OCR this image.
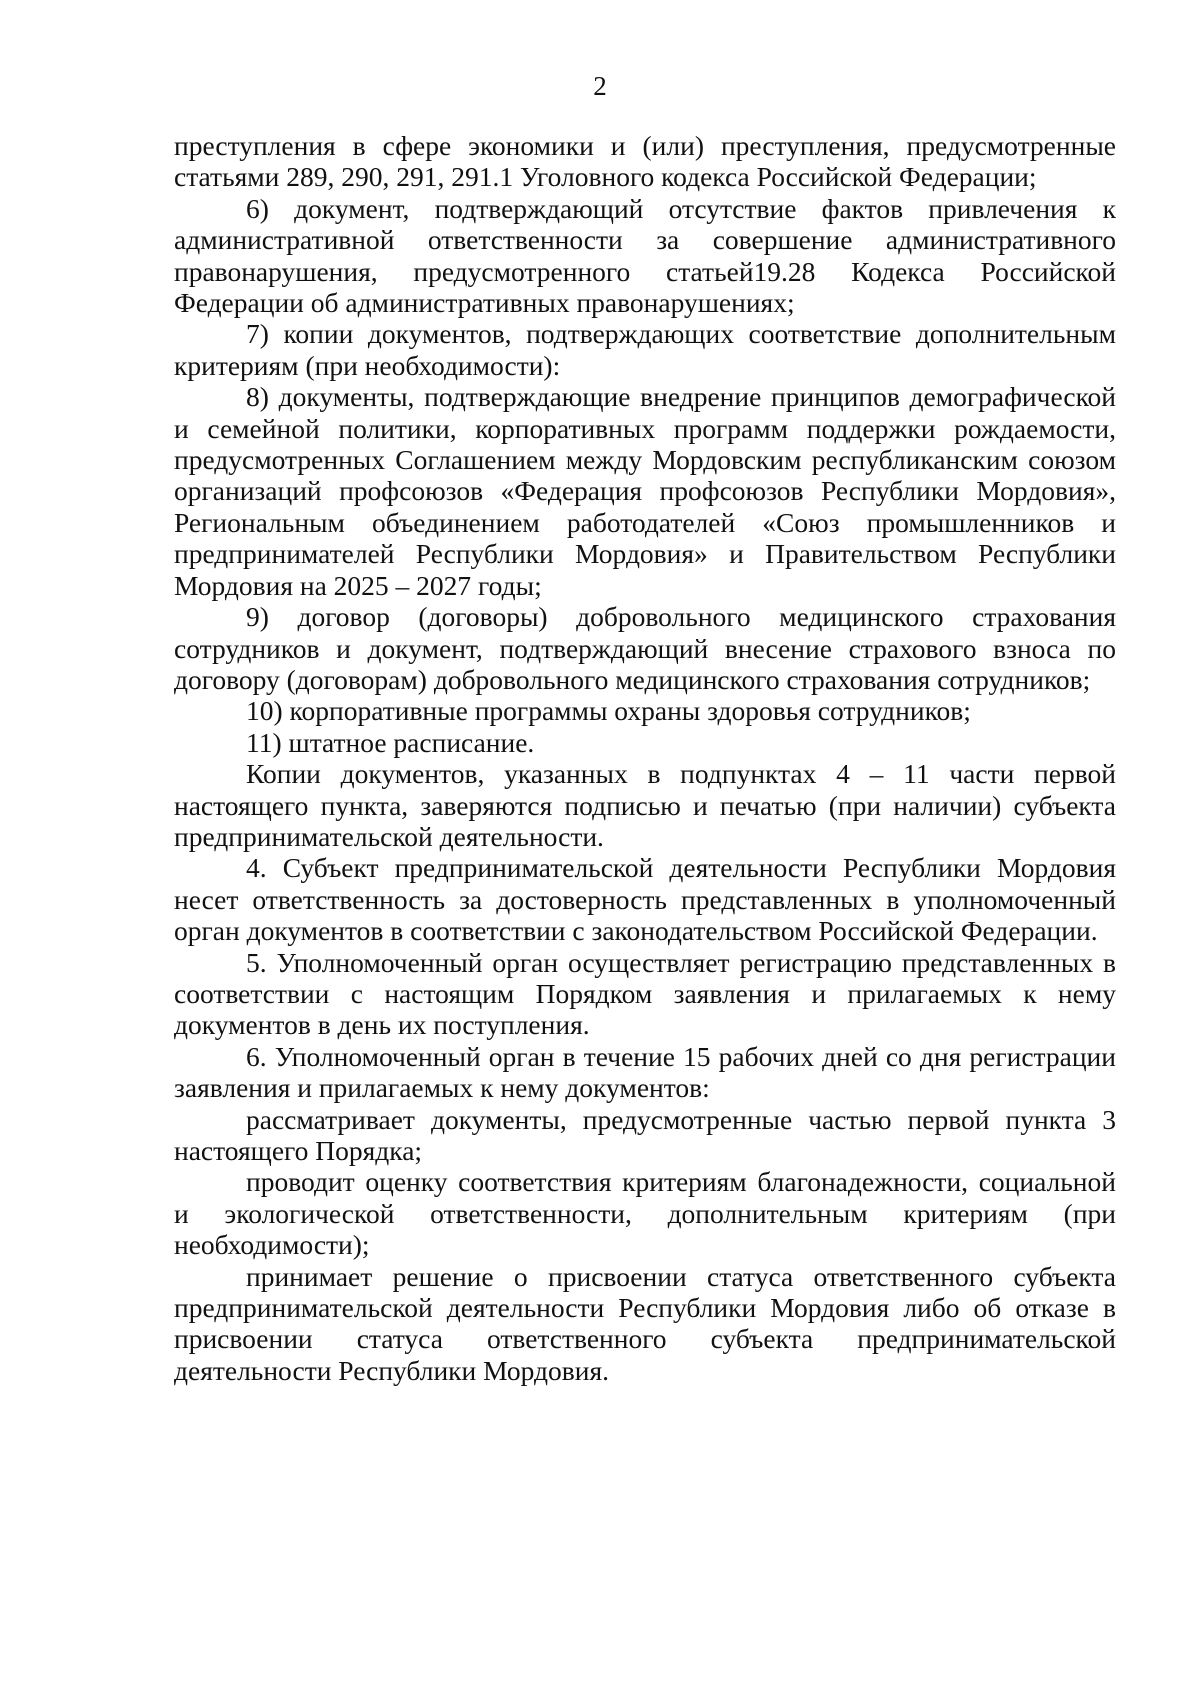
2

преступления в сфере экономики и (или) преступления, предусмотренные статьями 289, 290, 291, 291.1 Уголовного кодекса Российской Федерации;

6) документ, подтверждающий отсутствие фактов привлечения к административной ответственности за совершение административного правонарушения, предусмотренного статьей19.28 Кодекса Российской Федерации об административных правонарушениях;

7) копии документов, подтверждающих соответствие дополнительным критериям (при необходимости):

8) документы, подтверждающие внедрение принципов демографической и семейной политики, корпоративных программ поддержки рождаемости, предусмотренных Соглашением между Мордовским республиканским союзом организаций профсоюзов «Федерация профсоюзов Республики Мордовия», Региональным объединением работодателей «Союз промышленников и предпринимателей Республики Мордовия» и Правительством Республики Мордовия на 2025 – 2027 годы;

9) договор (договоры) добровольного медицинского страхования сотрудников и документ, подтверждающий внесение страхового взноса по договору (договорам) добровольного медицинского страхования сотрудников;

10) корпоративные программы охраны здоровья сотрудников;

11) штатное расписание.

Копии документов, указанных в подпунктах 4 – 11 части первой настоящего пункта, заверяются подписью и печатью (при наличии) субъекта предпринимательской деятельности.

4. Субъект предпринимательской деятельности Республики Мордовия несет ответственность за достоверность представленных в уполномоченный орган документов в соответствии с законодательством Российской Федерации.

5. Уполномоченный орган осуществляет регистрацию представленных в соответствии с настоящим Порядком заявления и прилагаемых к нему документов в день их поступления.

6. Уполномоченный орган в течение 15 рабочих дней со дня регистрации заявления и прилагаемых к нему документов:

рассматривает документы, предусмотренные частью первой пункта 3 настоящего Порядка;

проводит оценку соответствия критериям благонадежности, социальной и экологической ответственности, дополнительным критериям (при необходимости);

принимает решение о присвоении статуса ответственного субъекта предпринимательской деятельности Республики Мордовия либо об отказе в присвоении статуса ответственного субъекта предпринимательской деятельности Республики Мордовия.
